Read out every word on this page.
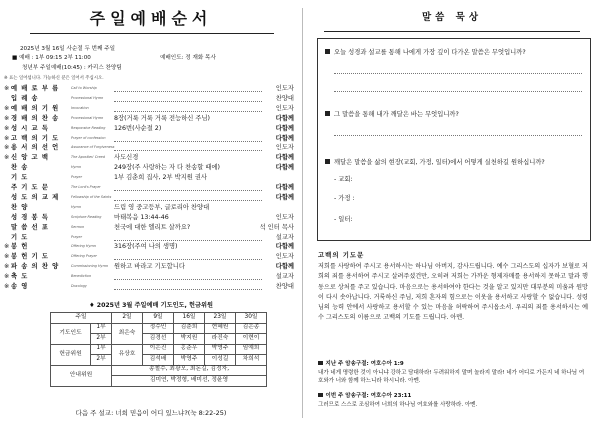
주일예배순서
2025년 3월 16일 사순절 두 번째 주일
■ 예배 : 1부 09:15 2부 11:00	예배인도: 정 재화 목사
청년부 주일예배(10:45) : 카리스 찬양팀
※ 표는 일어섭니다. 가능하신 분은 일어서 주십시오.
※ 예 배 로 부 름	Call to Worship	인도자
입 례 송	Processional Hymn	찬양대
※ 예 배 의 기 원	Invocation	인도자
※ 경 배 의 찬 송	Processional Hymn 8장(거룩 거룩 거룩 전능하신 주님)	다함께
※ 성 시 교 독	Responsive Reading 126번(사순절 2)	다함께
※ 고 백 의 기 도	Prayer of confession	다함께
※ 용 서 의 선 언	Assurance of Forgiveness	인도자
※ 신 앙 고 백	The Apostles' Creed 사도신경	다함께
찬 송	Hymn	249장(주 사랑하는 자 다 찬송할 때에)	다함께
기 도	Prayer	1부 김춘희 집사, 2부 박지원 권사
주 기 도 문	The Lord's Prayer	다함께
성 도 의 교 제	Fellowship of the Saints	다함께
찬 양	Hymn	드림 영 중고등부, 글로리아 찬양대
성 경 봉 독	Scripture Reading 마태복음 13:44-46	인도자
말 씀 선 포	Sermon	천국에 대한 엘리트 살까요?	석 인터 목사
기 도	Prayer	설교자
※ 봉 헌	Offering Hymn	316장(주여 나의 생명)	다함께
※ 봉 헌 기 도	Offering Prayer	인도자
※ 파 송 의 찬 양	Commissioning Hymn 원하고 바라고 기도합니다	다함께
※ 축 도	Benediction	설교자
※ 송 영	Doxology	찬양대
♦ 2025년 3월 주일예배 기도인도, 헌금위원
주일		2일	9일	16일	23일	30일
기도인도	1부	최은숙	정수민	김춘희	현혜원	김은종
	2부		김경선	박지원	라진숙	이현이
헌금위원	1부	유상호	이은진	홍준우	박영주	임예희
	2부		김석배	박영주	이성길	차희석
안내위원		송철수, 최광오, 최돈길, 김정자,				
		김미연, 박정형, 배미선, 정윤영				
다음 주 설교: 너희 믿음이 어디 있느냐?(눅 8:22-25)
말씀 묵상
오늘 성경과 설교를 통해 나에게 가장 깊이 다가온 말씀은 무엇입니까?
그 말씀을 통해 내가 깨달은 바는 무엇입니까?
깨달은 말씀을 삶의 현장(교회, 가정, 일터)에서 어떻게 실천하길 원하십니까?
- 교회:
- 가정 :
- 일터:
고백의 기도문
저희를 사랑하여 주시고 용서하시는 하나님 아버지, 감사드립니다. 예수 그리스도의 십자가 보혈로 저희의 죄를 용서하여 주시고 살려주셨건만, 오히려 저희는 가까운 형제자매를 용서하지 못하고 말과 행동으로 상처를 주고 있습니다. 마음으로는 용서하여야 한다는 것을 알고 있지만 대부분의 미움과 원망이 다시 솟아납니다. 거룩하신 주님, 저희 혼자의 힘으로는 이웃을 용서하고 사랑할 수 없습니다. 성령님의 능력 안에서 사랑하고 용서할 수 있는 마음을 허락하여 주시옵소서. 우리의 죄를 용서하시는 예수 그리스도의 이름으로 고백의 기도를 드립니다. 아멘.
지난 주 암송구절: 여호수아 1:9
내가 네게 명령한 것이 아니냐 강하고 담대하라! 두려워하지 말며 놀라지 말라! 네가 어디로 가든지 네 하나님 여호와가 너와 함께 하느니라 하시니라. 아멘.
이번 주 암송구절: 여호수아 23:11
그러므로 스스로 조심하여 너희의 하나님 여호와를 사랑하라. 아멘.
